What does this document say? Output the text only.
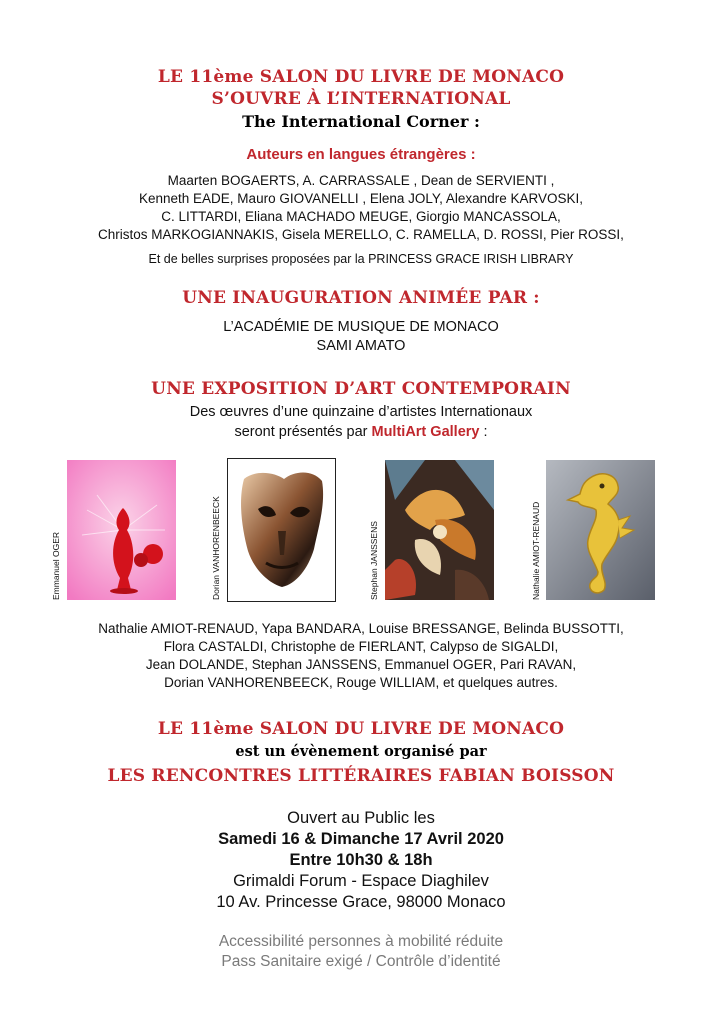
LE 11ème SALON DU LIVRE DE MONACO
S’OUVRE À L’INTERNATIONAL
The International Corner :
Auteurs en langues étrangères :
Maarten BOGAERTS, A. CARRASSALE , Dean de SERVIENTI ,
Kenneth EADE, Mauro GIOVANELLI , Elena JOLY, Alexandre KARVOSKI,
C. LITTARDI, Eliana MACHADO MEUGE, Giorgio MANCASSOLA,
Christos MARKOGIANNAKIS, Gisela MERELLO, C. RAMELLA, D. ROSSI, Pier ROSSI,
Et de belles surprises proposées par la PRINCESS GRACE IRISH LIBRARY
UNE INAUGURATION ANIMÉE PAR :
L’ACADÉMIE DE MUSIQUE DE MONACO
SAMI AMATO
UNE EXPOSITION D’ART CONTEMPORAIN
Des œuvres d’une quinzaine d’artistes Internationaux
seront présentés par MultiArt Gallery :
Emmanuel OGER	Dorian VANHORENBEECK	Stephan JANSSENS	Nathalie AMIOT-RENAUD
Nathalie AMIOT-RENAUD, Yapa BANDARA, Louise BRESSANGE, Belinda BUSSOTTI,
Flora CASTALDI, Christophe de FIERLANT, Calypso de SIGALDI,
Jean DOLANDE, Stephan JANSSENS, Emmanuel OGER, Pari RAVAN,
Dorian VANHORENBEECK, Rouge WILLIAM, et quelques autres.
LE 11ème SALON DU LIVRE DE MONACO
est un évènement organisé par
LES RENCONTRES LITTÉRAIRES FABIAN BOISSON
Ouvert au Public les
Samedi 16 & Dimanche 17 Avril 2020
Entre 10h30 & 18h
Grimaldi Forum - Espace Diaghilev
10 Av. Princesse Grace, 98000 Monaco
Accessibilité personnes à mobilité réduite
Pass Sanitaire exigé / Contrôle d’identité
